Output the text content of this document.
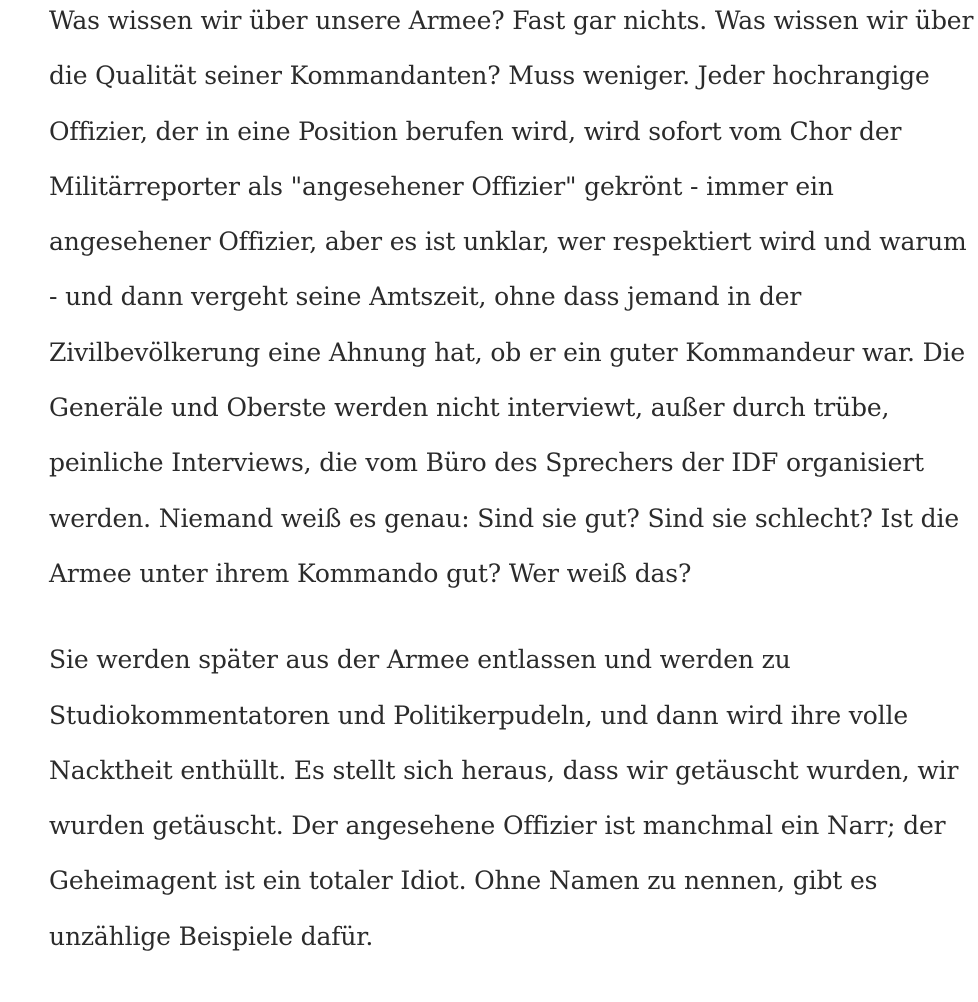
Was wissen wir über unsere Armee? Fast gar nichts. Was wissen wir über die Qualität seiner Kommandanten? Muss weniger. Jeder hochrangige Offizier, der in eine Position berufen wird, wird sofort vom Chor der Militärreporter als "angesehener Offizier" gekrönt - immer ein angesehener Offizier, aber es ist unklar, wer respektiert wird und warum - und dann vergeht seine Amtszeit, ohne dass jemand in der Zivilbevölkerung eine Ahnung hat, ob er ein guter Kommandeur war. Die Generäle und Oberste werden nicht interviewt, außer durch trübe, peinliche Interviews, die vom Büro des Sprechers der IDF organisiert werden. Niemand weiß es genau: Sind sie gut? Sind sie schlecht? Ist die Armee unter ihrem Kommando gut? Wer weiß das?

Sie werden später aus der Armee entlassen und werden zu Studiokommentatoren und Politikerpudeln, und dann wird ihre volle Nacktheit enthüllt. Es stellt sich heraus, dass wir getäuscht wurden, wir wurden getäuscht. Der angesehene Offizier ist manchmal ein Narr; der Geheimagent ist ein totaler Idiot. Ohne Namen zu nennen, gibt es unzählige Beispiele dafür.
